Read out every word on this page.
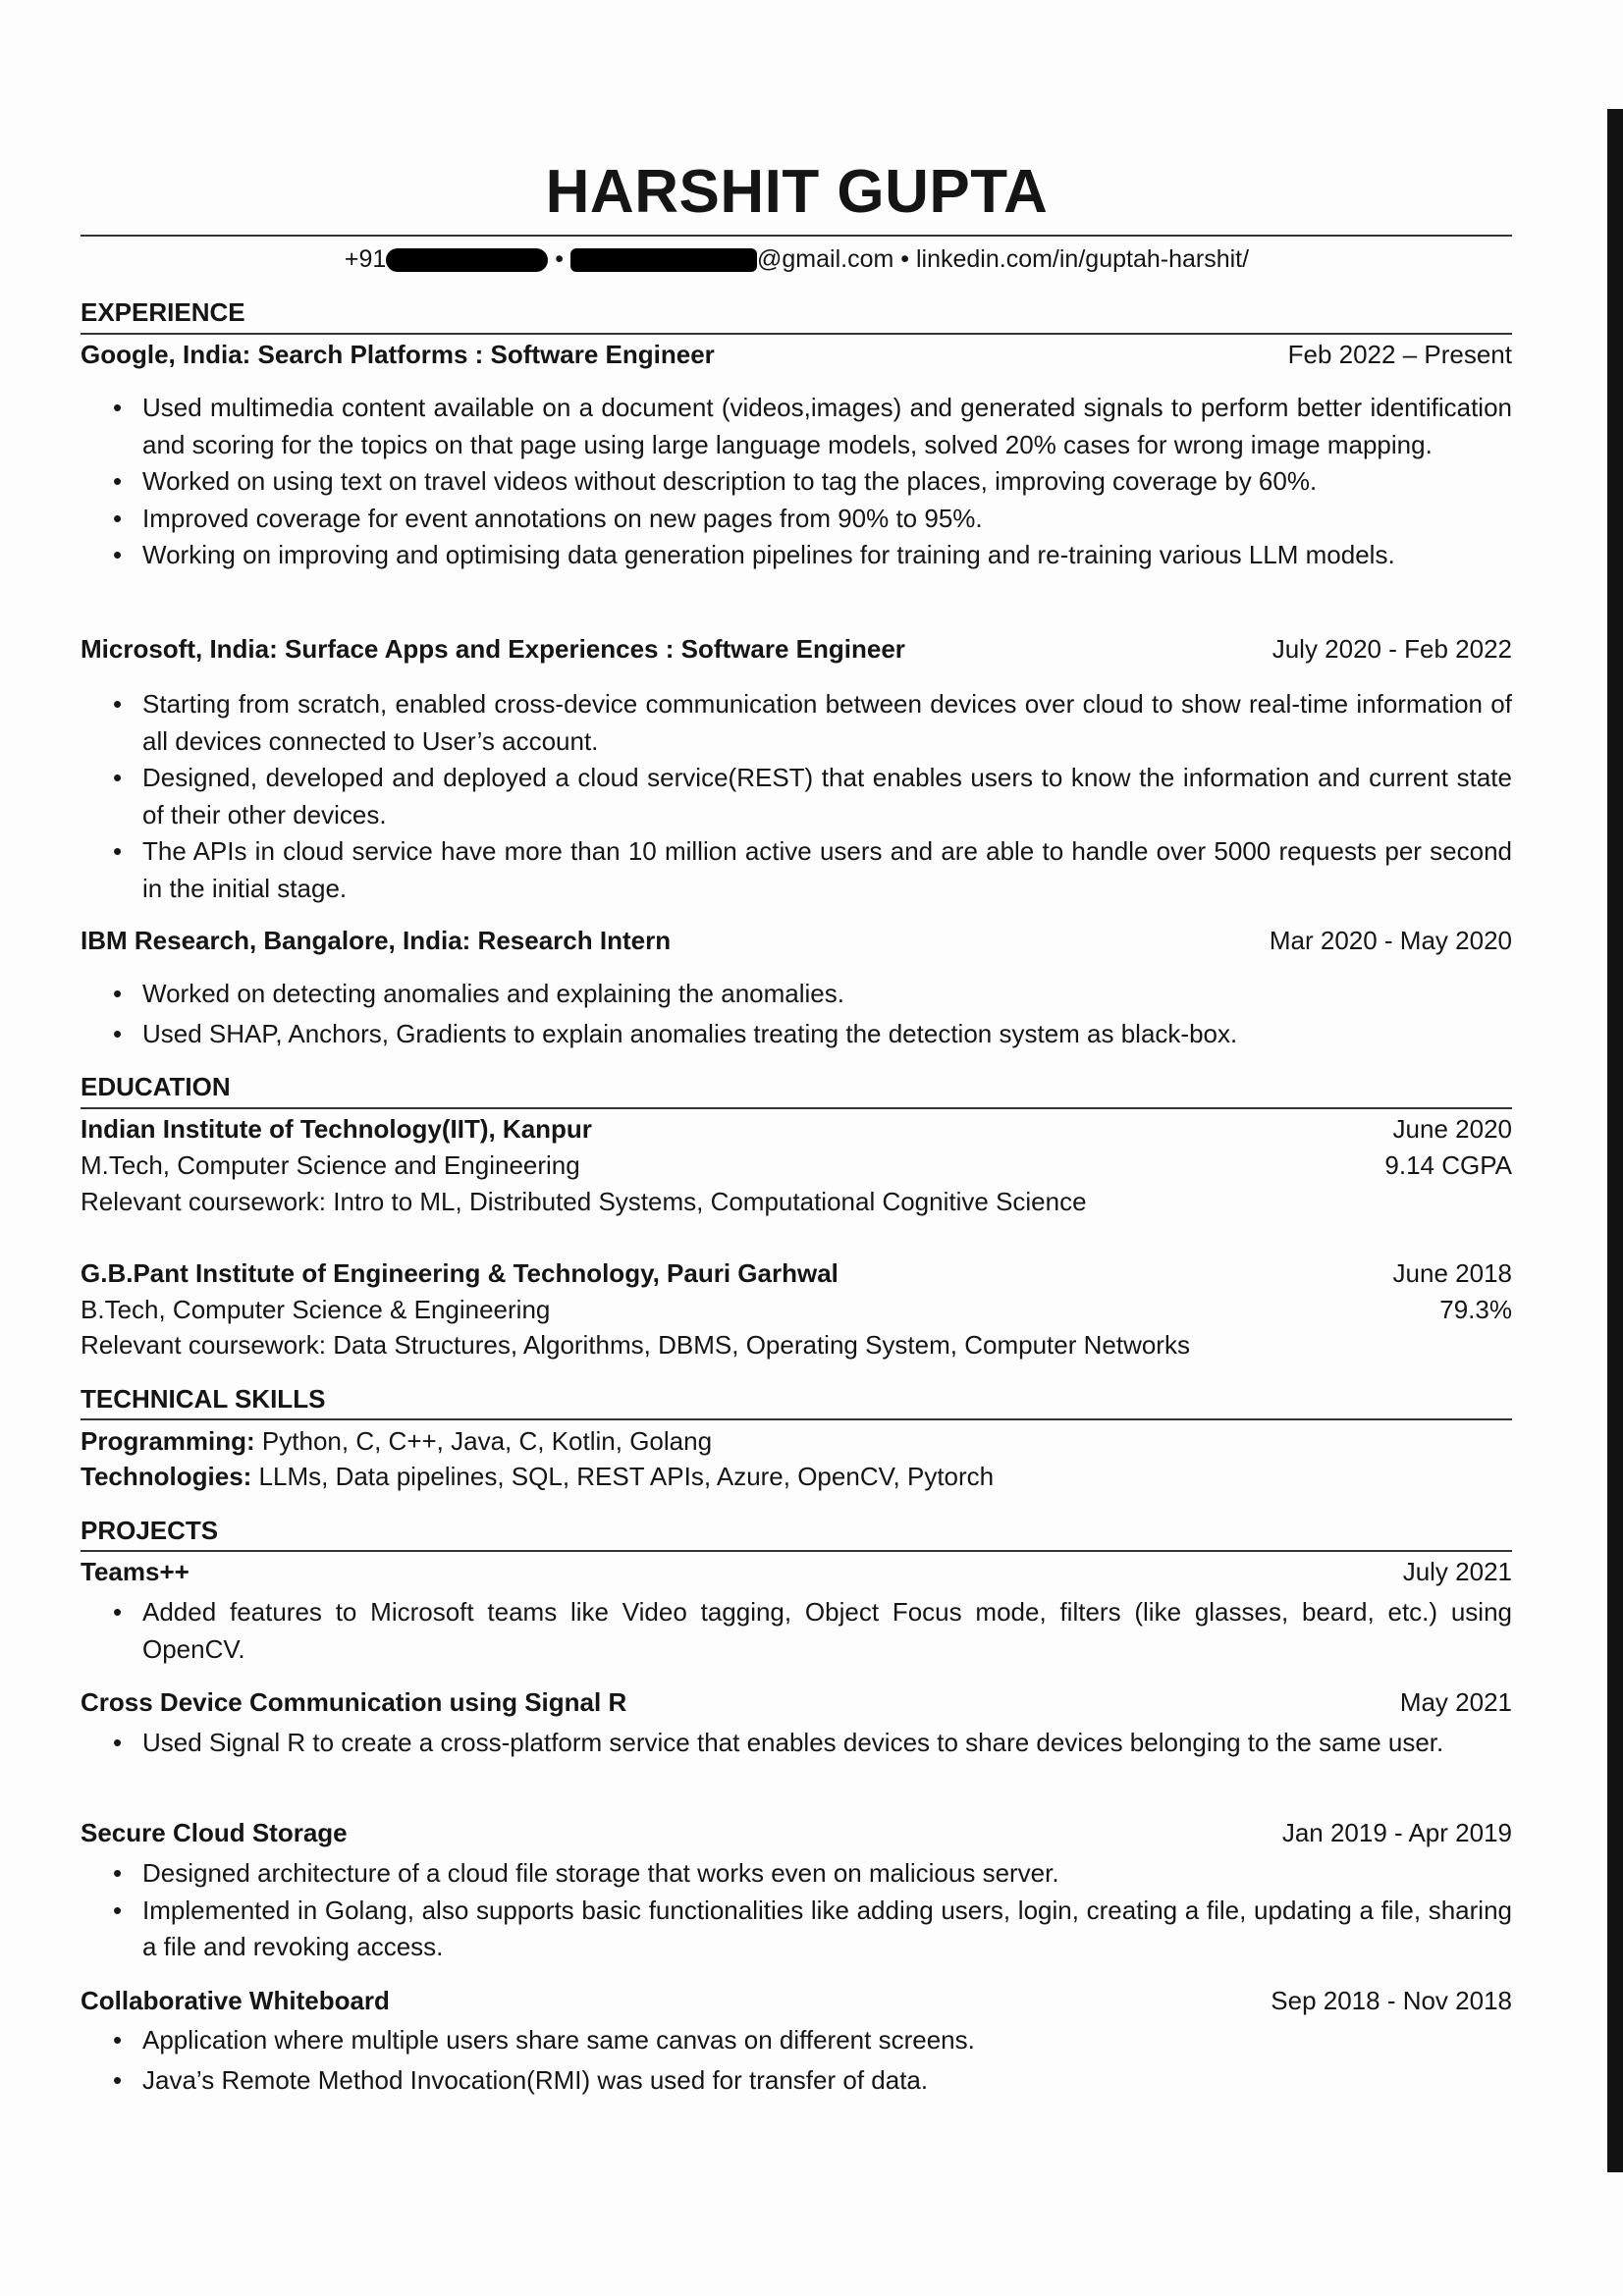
HARSHIT GUPTA
+91	•	@gmail.com • linkedin.com/in/guptah-harshit/
EXPERIENCE
Google, India: Search Platforms : Software Engineer	Feb 2022 – Present
• Used multimedia content available on a document (videos,images) and generated signals to perform better identification and scoring for the topics on that page using large language models, solved 20% cases for wrong image mapping.
• Worked on using text on travel videos without description to tag the places, improving coverage by 60%.
• Improved coverage for event annotations on new pages from 90% to 95%.
• Working on improving and optimising data generation pipelines for training and re-training various LLM models.
Microsoft, India: Surface Apps and Experiences : Software Engineer	July 2020 - Feb 2022
• Starting from scratch, enabled cross-device communication between devices over cloud to show real-time information of all devices connected to User’s account.
• Designed, developed and deployed a cloud service(REST) that enables users to know the information and current state of their other devices.
• The APIs in cloud service have more than 10 million active users and are able to handle over 5000 requests per second in the initial stage.
IBM Research, Bangalore, India: Research Intern	Mar 2020 - May 2020
• Worked on detecting anomalies and explaining the anomalies.
• Used SHAP, Anchors, Gradients to explain anomalies treating the detection system as black-box.
EDUCATION
Indian Institute of Technology(IIT), Kanpur	June 2020
M.Tech, Computer Science and Engineering	9.14 CGPA
Relevant coursework: Intro to ML, Distributed Systems, Computational Cognitive Science
G.B.Pant Institute of Engineering & Technology, Pauri Garhwal	June 2018
B.Tech, Computer Science & Engineering	79.3%
Relevant coursework: Data Structures, Algorithms, DBMS, Operating System, Computer Networks
TECHNICAL SKILLS
Programming:
Python, C, C++, Java, C, Kotlin, Golang
Technologies:
LLMs, Data pipelines, SQL, REST APIs, Azure, OpenCV, Pytorch
PROJECTS
Teams++	July 2021
• Added features to Microsoft teams like Video tagging, Object Focus mode, filters (like glasses, beard, etc.) using OpenCV.
Cross Device Communication using Signal R	May 2021
• Used Signal R to create a cross-platform service that enables devices to share devices belonging to the same user.
Secure Cloud Storage	Jan 2019 - Apr 2019
• Designed architecture of a cloud file storage that works even on malicious server.
• Implemented in Golang, also supports basic functionalities like adding users, login, creating a file, updating a file, sharing a file and revoking access.
Collaborative Whiteboard	Sep 2018 - Nov 2018
• Application where multiple users share same canvas on different screens.
• Java’s Remote Method Invocation(RMI) was used for transfer of data.
